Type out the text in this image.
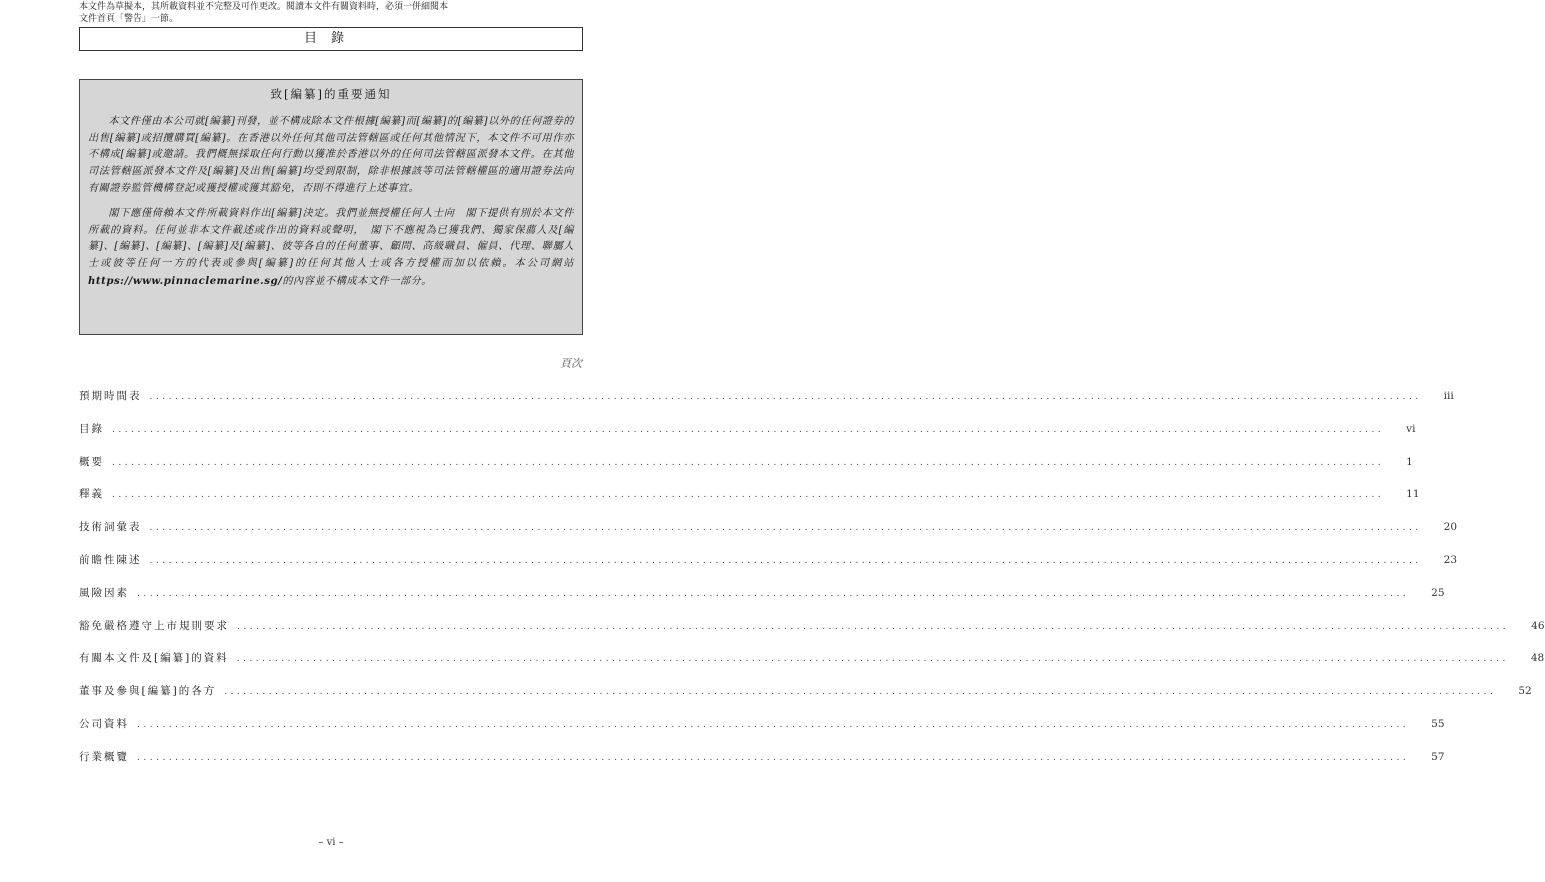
本文件為草擬本，其所載資料並不完整及可作更改。閱讀本文件有關資料時，必須一併細閱本
文件首頁「警告」一節。
目錄
致[編纂]的重要通知

本文件僅由本公司就[編纂]刊發，並不構成除本文件根據[編纂]而[編纂]的[編纂]以外的任何證券的出售[編纂]或招攬購買[編纂]。在香港以外任何其他司法管轄區或任何其他情況下，本文件不可用作亦不構成[編纂]或邀請。我們概無採取任何行動以獲准於香港以外的任何司法管轄區派發本文件。在其他司法管轄區派發本文件及[編纂]及出售[編纂]均受到限制，除非根據該等司法管轄權區的適用證券法向有關證券監管機構登記或獲授權或獲其豁免，否則不得進行上述事宜。

閣下應僅倚賴本文件所載資料作出[編纂]決定。我們並無授權任何人士向　閣下提供有別於本文件所載的資料。任何並非本文件載述或作出的資料或聲明，　閣下不應視為已獲我們、獨家保薦人及[編纂]、[編纂]、[編纂]、[編纂]及[編纂]、彼等各自的任何董事、顧問、高級職員、僱員、代理、聯屬人士或彼等任何一方的代表或參與[編纂]的任何其他人士或各方授權而加以依賴。本公司網站https://www.pinnaclemarine.sg/的內容並不構成本文件一部分。

頁次
預期時間表 ........................................................................................................................................................................................................ iii
目錄 ........................................................................................................................................................................................................ vi
概要 ........................................................................................................................................................................................................ 1
釋義 ........................................................................................................................................................................................................ 11
技術詞彙表 ........................................................................................................................................................................................................ 20
前瞻性陳述 ........................................................................................................................................................................................................ 23
風險因素 ........................................................................................................................................................................................................ 25
豁免嚴格遵守上市規則要求 ........................................................................................................................................................................................................ 46
有關本文件及[編纂]的資料 ........................................................................................................................................................................................................ 48
董事及參與[編纂]的各方 ........................................................................................................................................................................................................ 52
公司資料 ........................................................................................................................................................................................................ 55
行業概覽 ........................................................................................................................................................................................................ 57
– vi –
